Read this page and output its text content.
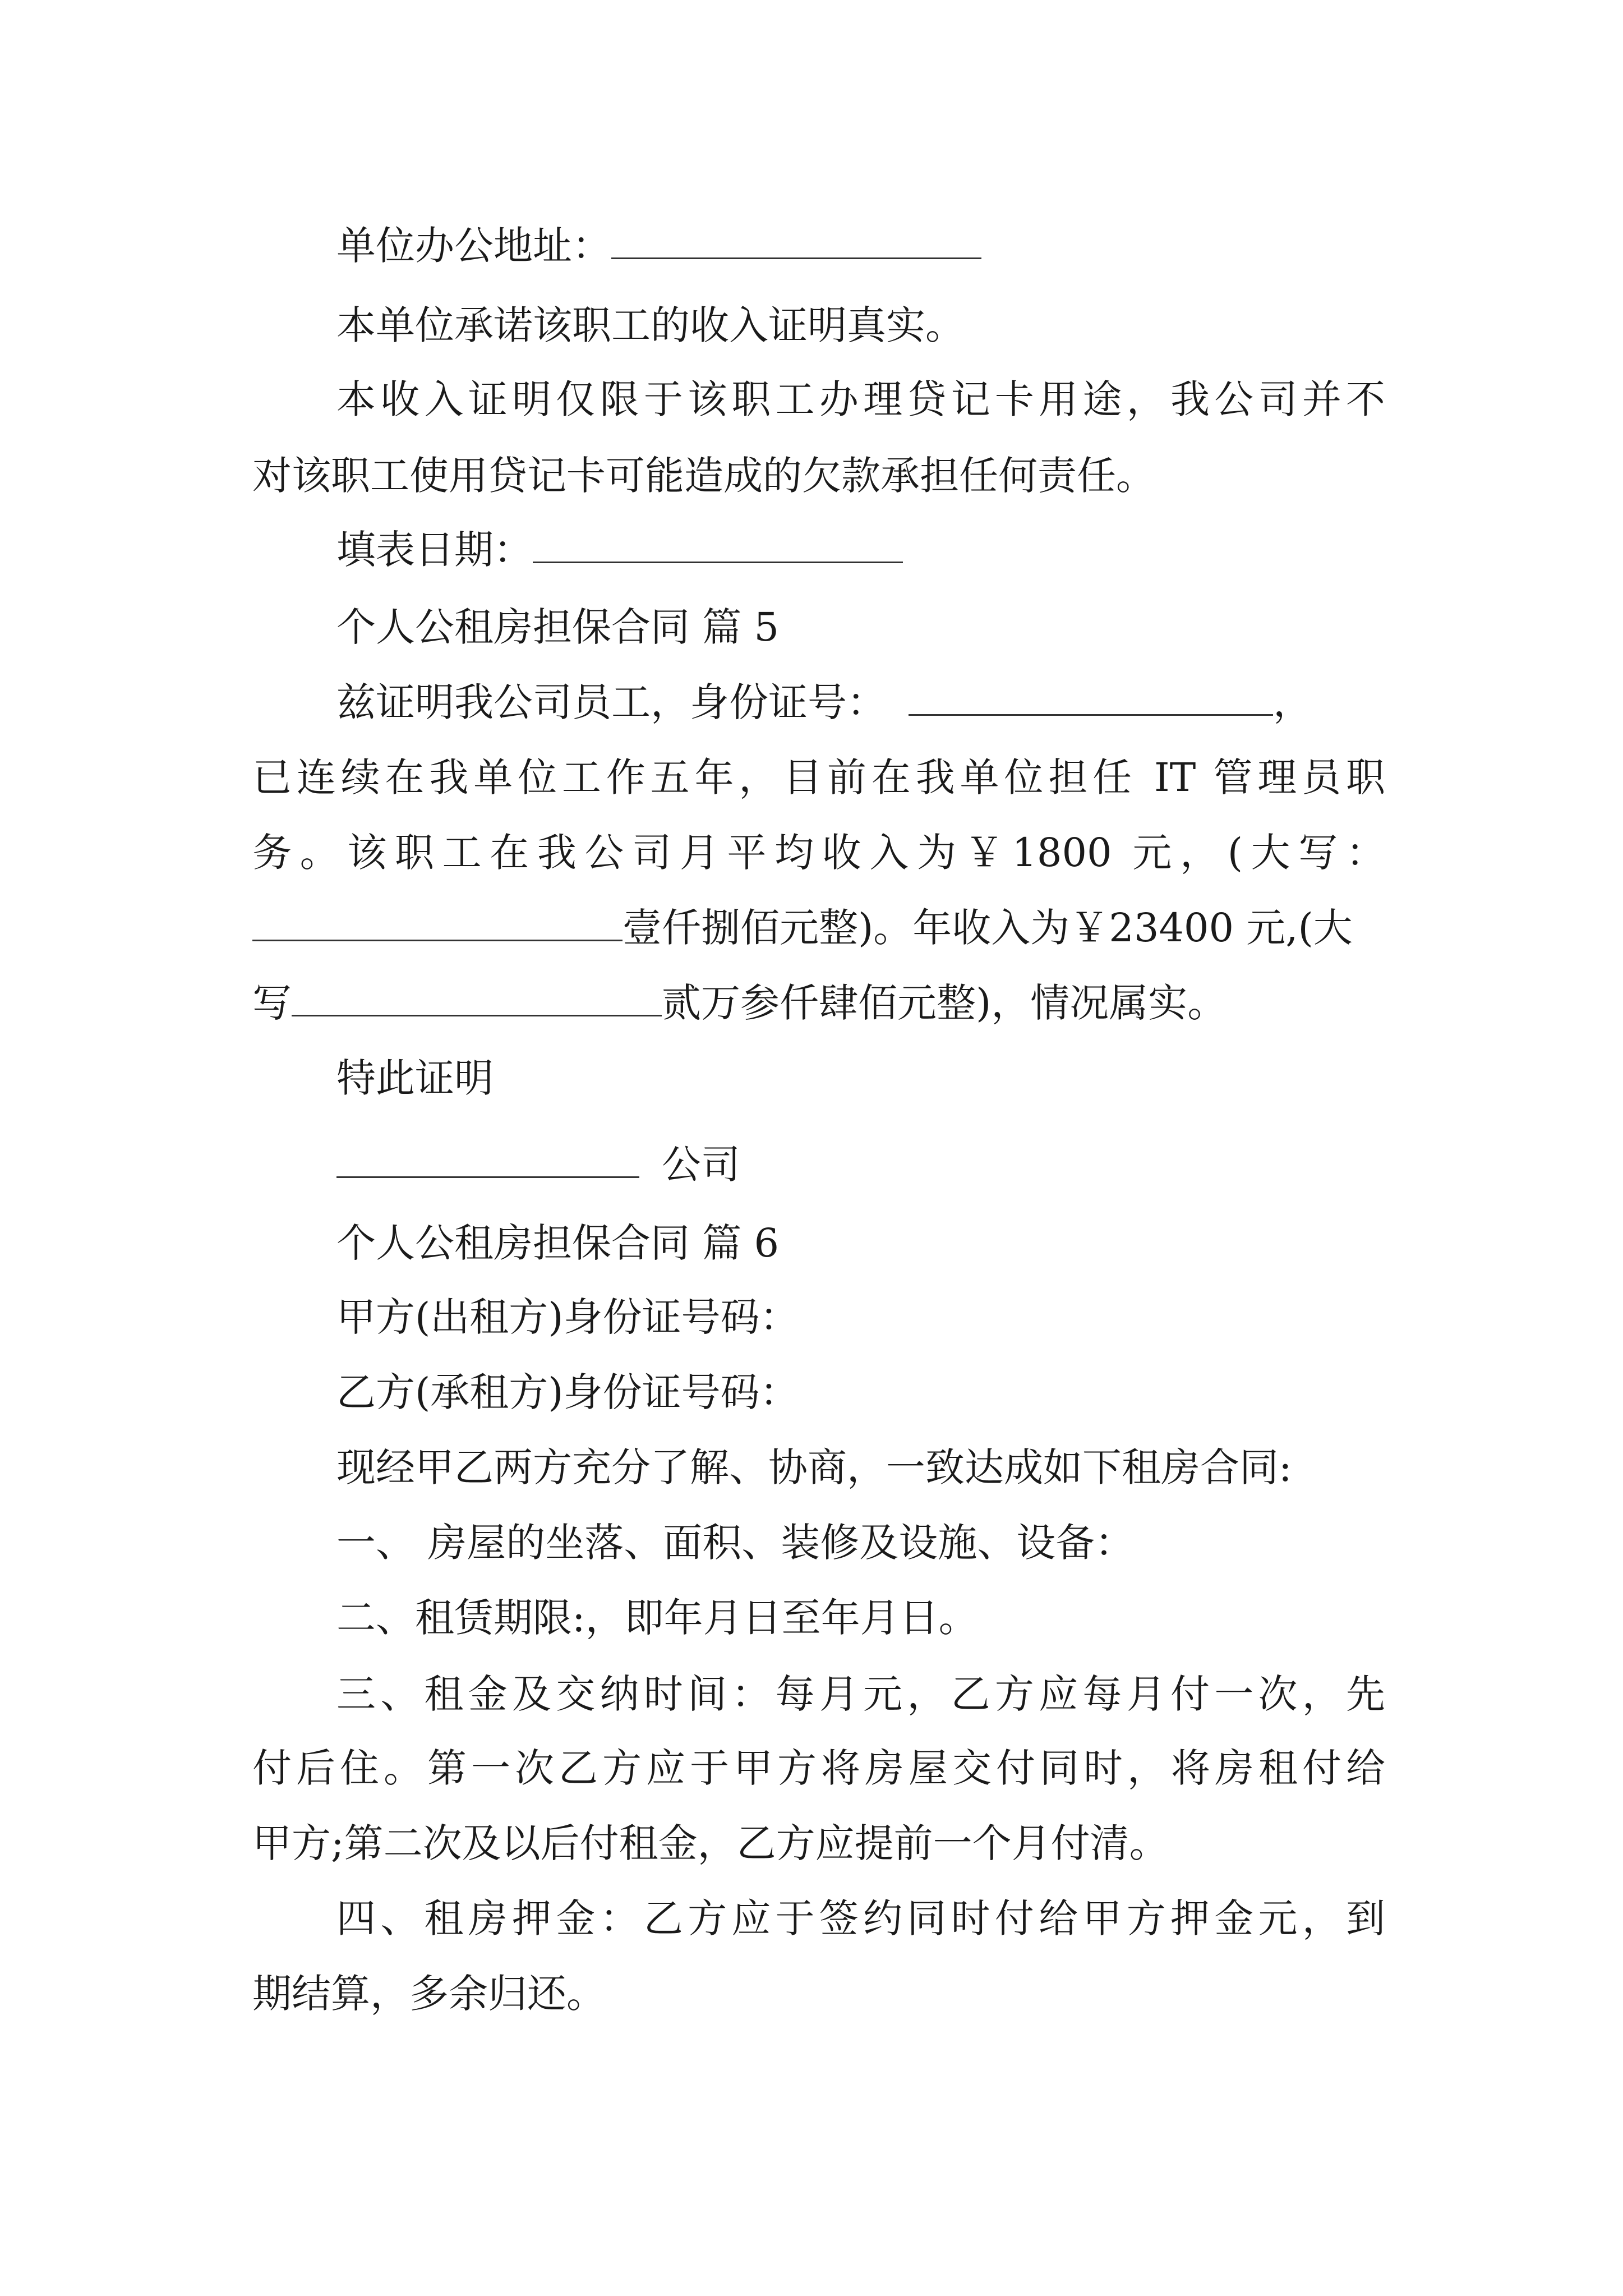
单位办公地址：
本单位承诺该职工的收入证明真实。
本收入证明仅限于该职工办理贷记卡用途，我公司并不
对该职工使用贷记卡可能造成的欠款承担任何责任。
填表日期：
个人公租房担保合同 篇 5
兹证明我公司员工，身份证号：	，
已连续在我单位工作五年，目前在我单位担任 IT 管理员职
务。该职工在我公司月平均收入为￥1800 元，(大写：
壹仟捌佰元整)。年收入为￥23400 元,(大
写	贰万参仟肆佰元整)，情况属实。
特此证明
公司
个人公租房担保合同 篇 6
甲方(出租方)身份证号码：
乙方(承租方)身份证号码：
现经甲乙两方充分了解、协商，一致达成如下租房合同:
一、 房屋的坐落、面积、装修及设施、设备：
二、租赁期限:，即年月日至年月日。
三、租金及交纳时间：每月元，乙方应每月付一次，先
付后住。第一次乙方应于甲方将房屋交付同时，将房租付给
甲方;第二次及以后付租金，乙方应提前一个月付清。
四、租房押金：乙方应于签约同时付给甲方押金元，到
期结算，多余归还。
